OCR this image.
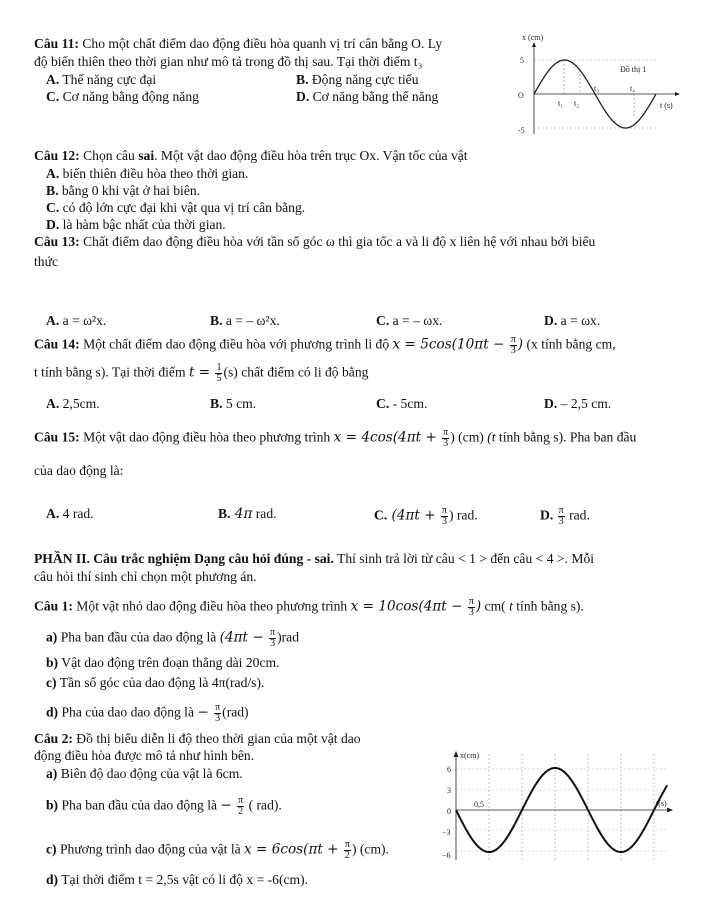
Câu 11: Cho một chất điểm dao động điều hòa quanh vị trí cân bằng O. Ly
độ biến thiên theo thời gian như mô tả trong đồ thị sau. Tại thời điểm t₃
A. Thế năng cực đại	B. Động năng cực tiểu
C. Cơ năng bằng động năng	D. Cơ năng bằng thế năng
x (cm)
5
O
-5
Đồ thị 1
t (s)
t₁ t₂
t₃	t₄
Câu 12: Chọn câu sai. Một vật dao động điều hòa trên trục Ox. Vận tốc của vật
A. biến thiên điều hòa theo thời gian.
B. bằng 0 khi vật ở hai biên.
C. có độ lớn cực đại khi vật qua vị trí cân bằng.
D. là hàm bậc nhất của thời gian.
Câu 13: Chất điểm dao động điều hòa với tần số góc ω thì gia tốc a và li độ x liên hệ với nhau bởi biểu
thức
A. a = ω²x.	B. a = – ω²x.	C. a = – ωx.	D. a = ωx.
Câu 14: Một chất điểm dao động điều hòa với phương trình li độ $x = 5\cos(10\pi t - \frac{\pi}{3}$ ) (x tính bằng cm,
t tính bằng s). Tại thời điểm $t = \frac{1}{5} (s)$ chất điểm có li độ bằng
A. 2,5cm.	B. 5 cm.	C. - 5cm.	D. – 2,5 cm.
Câu 15: Một vật dao động điều hòa theo phương trình $x = 4\cos(4\pi t + \frac{\pi}{3}$ ) (cm) (t tính bằng s). Pha ban đầu
của dao động là:
A. 4 rad.	B. 4π rad.	C. ($4\pi t + \frac{\pi}{3}$ ) rad.	D. $\frac{\pi}{3}$ rad.
PHẦN II. Câu trắc nghiệm Dạng câu hỏi đúng - sai. Thí sinh trả lời từ câu < 1 > đến câu < 4 >. Mỗi
câu hỏi thí sinh chỉ chọn một phương án.
Câu 1: Một vật nhỏ dao động điều hòa theo phương trình $x = 10\cos(4\pi t - \frac{\pi}{3}$ ) cm( t tính bằng s).
a) Pha ban đầu của dao động là $(4\pi t - \frac{\pi}{3} )rad$
b) Vật dao động trên đoạn thẳng dài 20cm.
c) Tần số góc của dao động là 4π(rad/s).
d) Pha của dao dao động là − $\frac{\pi}{3} (rad)$
Câu 2: Đồ thị biểu diễn li độ theo thời gian của một vật dao
động điều hòa được mô tả như hình bên.
a) Biên độ dao động của vật là 6cm.
b) Pha ban đầu của dao động là − $\frac{\pi}{2}$ ( rad).
c) Phương trình dao động của vật là $x = 6\cos(\pi t + \frac{\pi}{2}$ ) (cm).
d) Tại thời điểm t = 2,5s vật có li độ x = -6(cm).
x(cm)
6
3
0
−3
−6
0,5	t(s)
